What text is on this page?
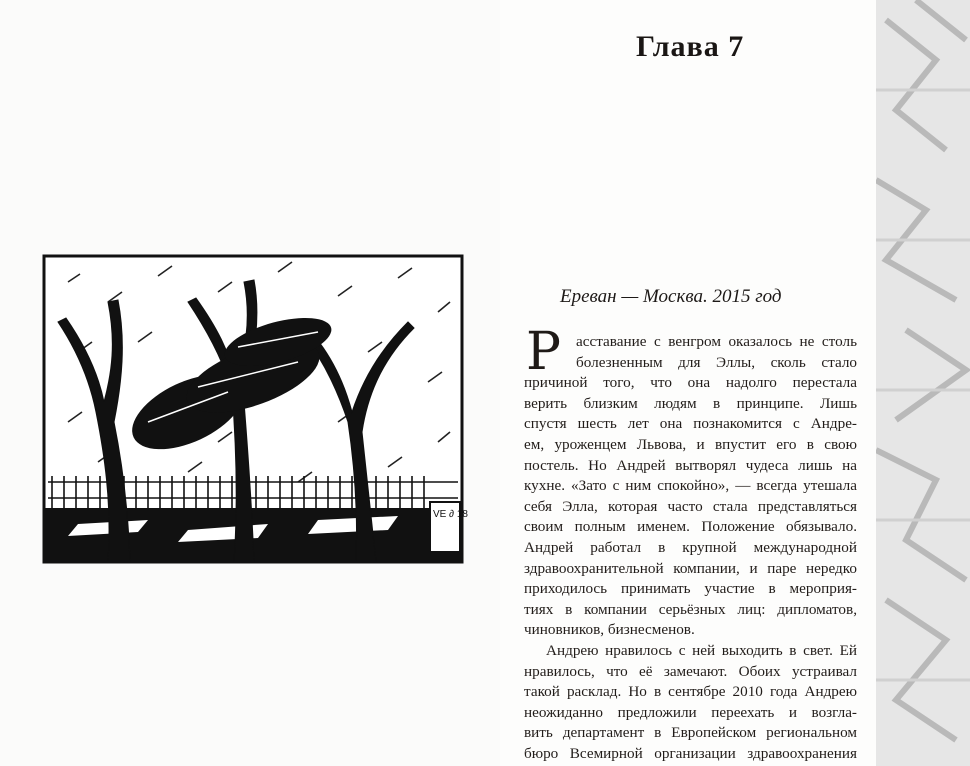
Глава 7
VE ∂ 18
Ереван — Москва. 2015 год
Р асставание с венгром оказалось не столь
болезненным для Эллы, сколь стало
причиной того, что она надолго перестала
верить близким людям в принципе. Лишь
спустя шесть лет она познакомится с Андре-
ем, уроженцем Львова, и впустит его в свою
постель. Но Андрей вытворял чудеса лишь на
кухне. «Зато с ним спокойно», — всегда утешала
себя Элла, которая часто стала представляться
своим полным именем. Положение обязывало.
Андрей работал в крупной международной
здравоохранительной компании, и паре нередко
приходилось принимать участие в мероприя-
тиях в компании серьёзных лиц: дипломатов,
чиновников, бизнесменов.
Андрею нравилось с ней выходить в свет. Ей
нравилось, что её замечают. Обоих устраивал
такой расклад. Но в сентябре 2010 года Андрею
неожиданно предложили переехать и возгла-
вить департамент в Европейском региональном
бюро Всемирной организации здравоохранения
